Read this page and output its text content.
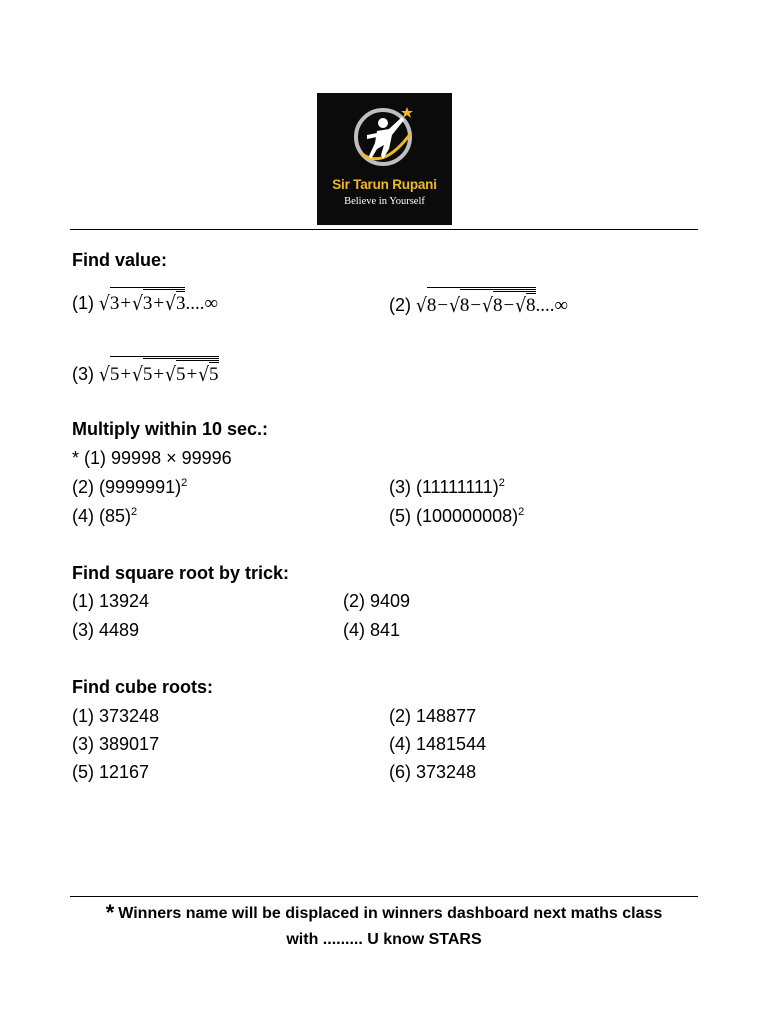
Sir Tarun Rupani
Believe in Yourself
Find value:
(1) √3+√3+√3....∞	(2) √8−√8−√8−√8....∞
(3) √5+√5+√5+√5
Multiply within 10 sec.:
* (1) 99998 × 99996
(2) $(9999991)^2$	(3) $(11111111)^2$
(4) $(85)^2$	(5) $(100000008)^2$
Find square root by trick:
(1) 13924	(2) 9409
(3) 4489	(4) 841
Find cube roots:
(1) 373248	(2) 148877
(3) 389017	(4) 1481544
(5) 12167	(6) 373248
* Winners name will be displaced in winners dashboard next maths class
with ......... U know STARS
